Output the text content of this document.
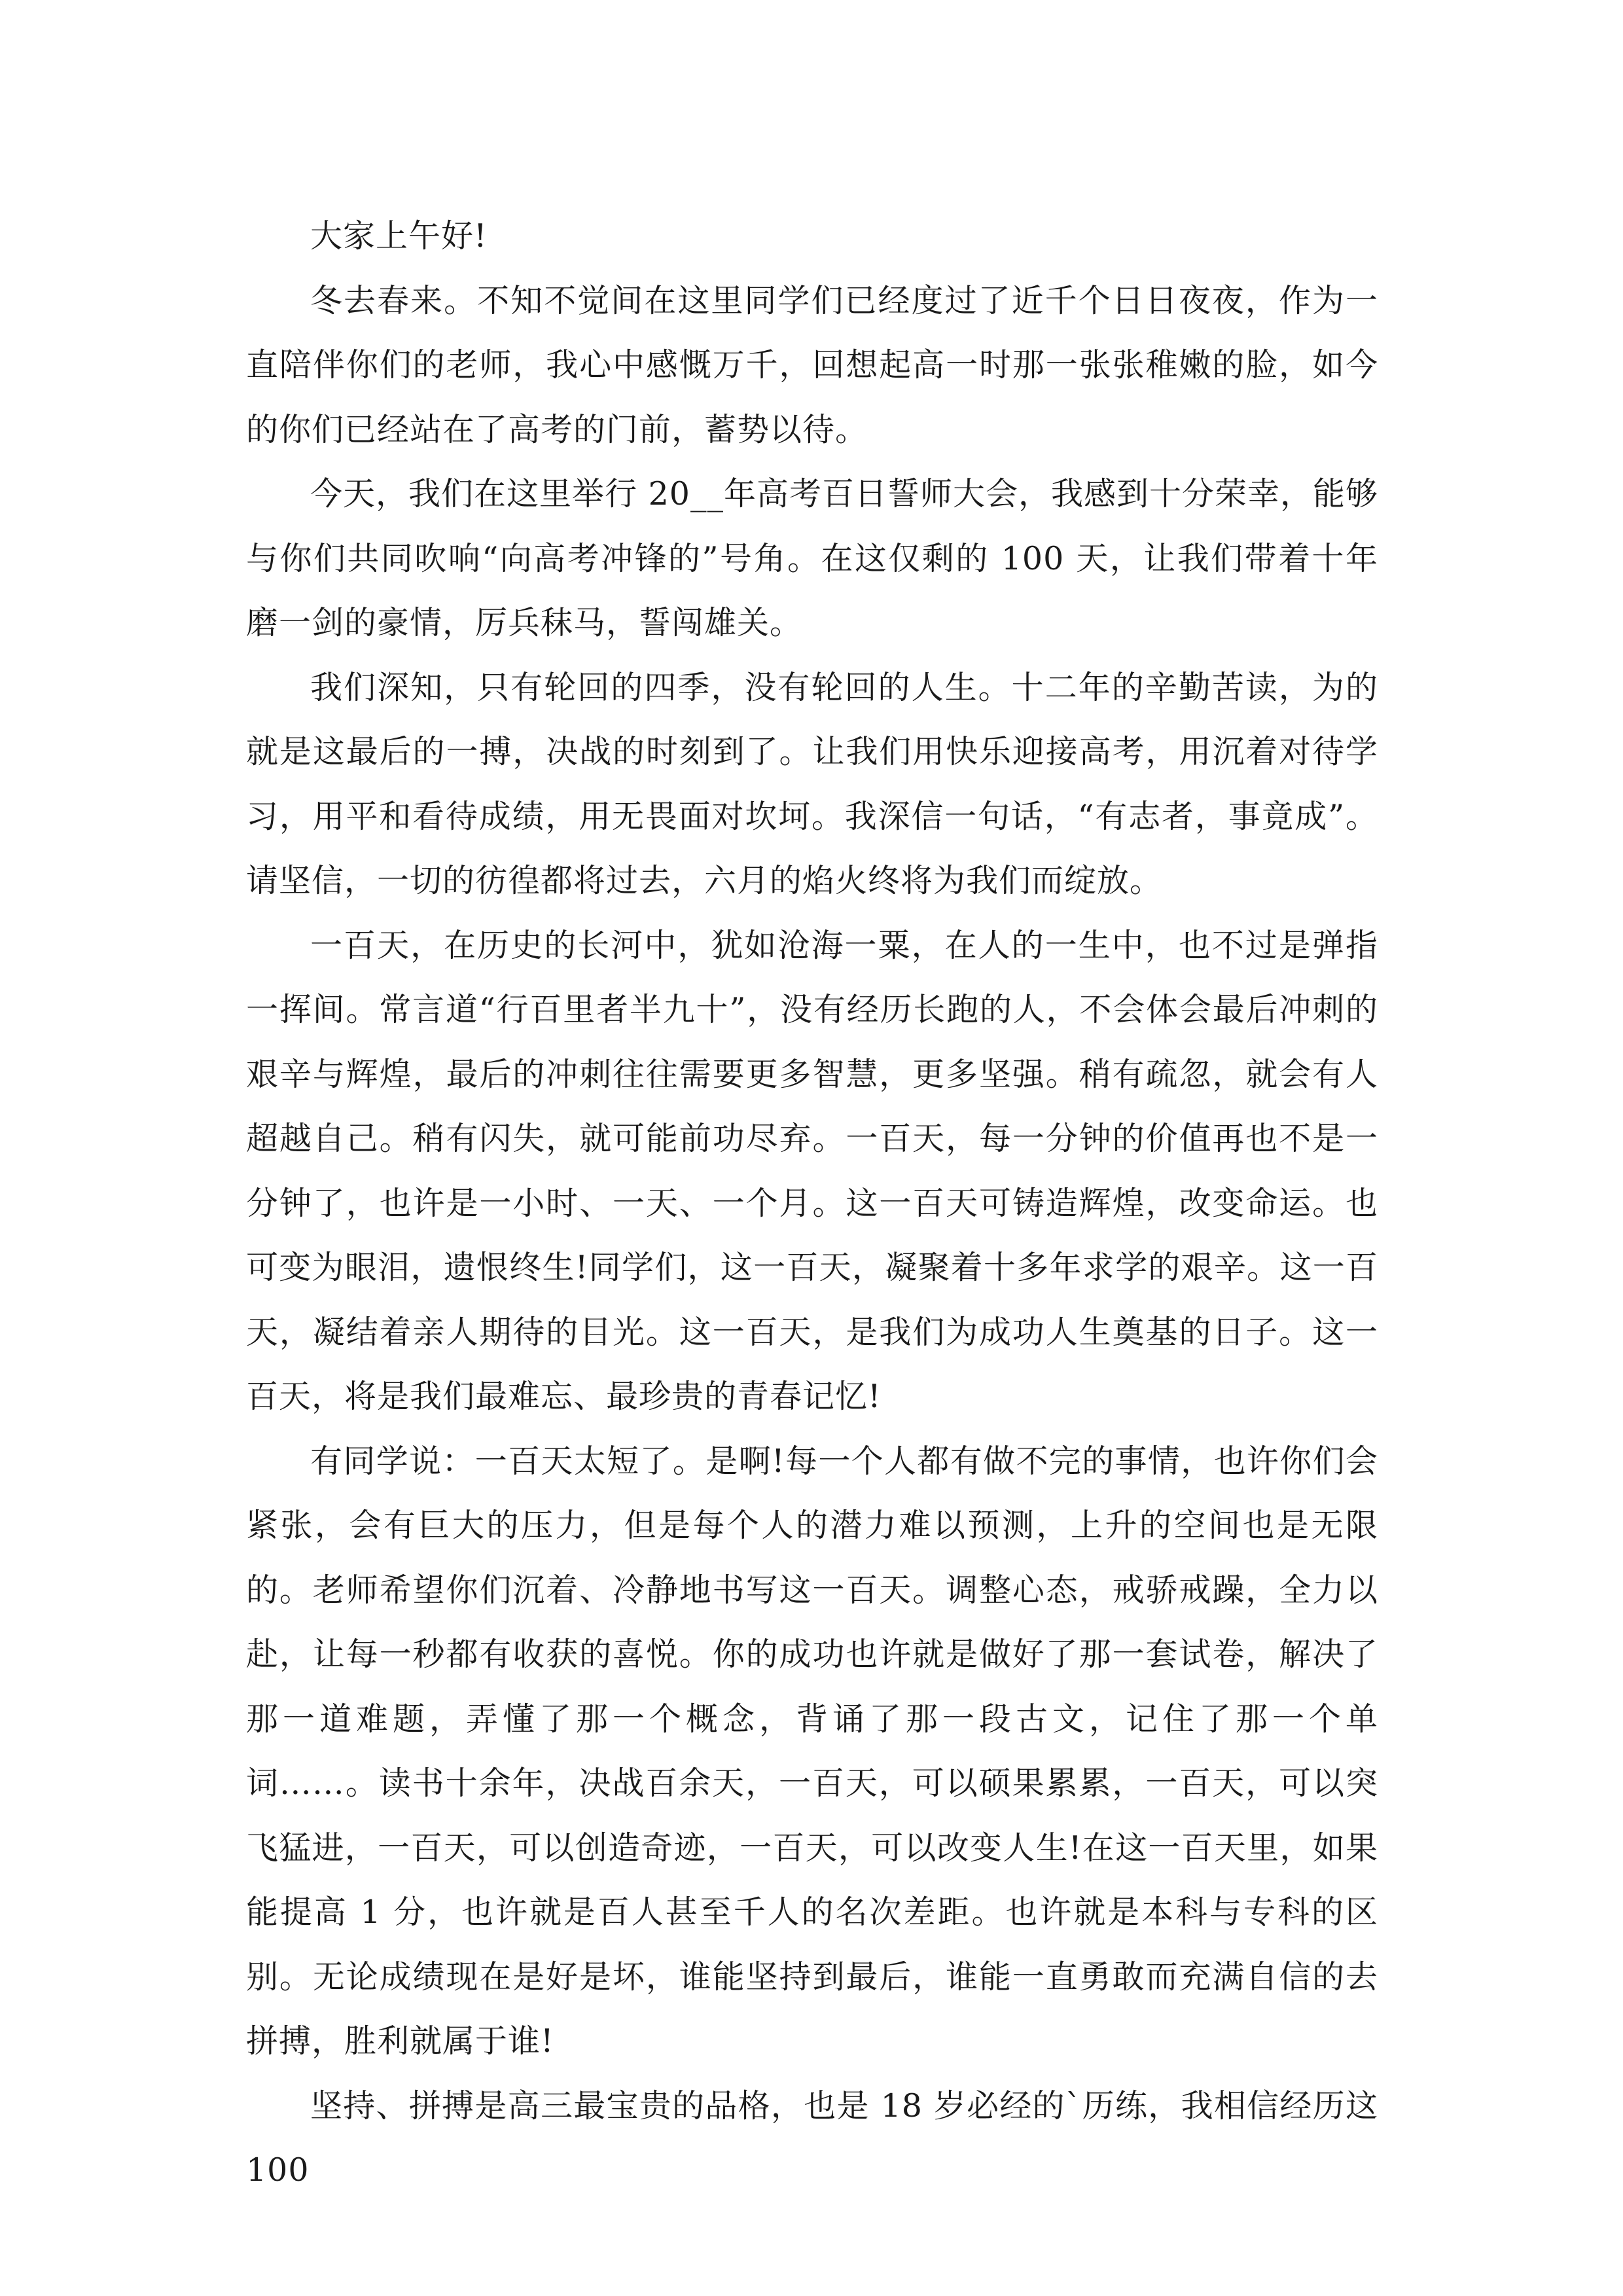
大家上午好!

冬去春来。不知不觉间在这里同学们已经度过了近千个日日夜夜，作为一直陪伴你们的老师，我心中感慨万千，回想起高一时那一张张稚嫩的脸，如今的你们已经站在了高考的门前，蓄势以待。

今天，我们在这里举行 20__年高考百日誓师大会，我感到十分荣幸，能够与你们共同吹响“向高考冲锋的”号角。在这仅剩的 100 天，让我们带着十年磨一剑的豪情，厉兵秣马，誓闯雄关。

我们深知，只有轮回的四季，没有轮回的人生。十二年的辛勤苦读，为的就是这最后的一搏，决战的时刻到了。让我们用快乐迎接高考，用沉着对待学习，用平和看待成绩，用无畏面对坎坷。我深信一句话，“有志者，事竟成”。请坚信，一切的彷徨都将过去，六月的焰火终将为我们而绽放。

一百天，在历史的长河中，犹如沧海一粟，在人的一生中，也不过是弹指一挥间。常言道“行百里者半九十”，没有经历长跑的人，不会体会最后冲刺的艰辛与辉煌，最后的冲刺往往需要更多智慧，更多坚强。稍有疏忽，就会有人超越自己。稍有闪失，就可能前功尽弃。一百天，每一分钟的价值再也不是一分钟了，也许是一小时、一天、一个月。这一百天可铸造辉煌，改变命运。也可变为眼泪，遗恨终生!同学们，这一百天，凝聚着十多年求学的艰辛。这一百天，凝结着亲人期待的目光。这一百天，是我们为成功人生奠基的日子。这一百天，将是我们最难忘、最珍贵的青春记忆!

有同学说：一百天太短了。是啊!每一个人都有做不完的事情，也许你们会紧张，会有巨大的压力，但是每个人的潜力难以预测，上升的空间也是无限的。老师希望你们沉着、冷静地书写这一百天。调整心态，戒骄戒躁，全力以赴，让每一秒都有收获的喜悦。你的成功也许就是做好了那一套试卷，解决了那一道难题，弄懂了那一个概念，背诵了那一段古文，记住了那一个单词……。读书十余年，决战百余天，一百天，可以硕果累累，一百天，可以突飞猛进，一百天，可以创造奇迹，一百天，可以改变人生!在这一百天里，如果能提高 1 分，也许就是百人甚至千人的名次差距。也许就是本科与专科的区别。无论成绩现在是好是坏，谁能坚持到最后，谁能一直勇敢而充满自信的去拼搏，胜利就属于谁!

坚持、拼搏是高三最宝贵的品格，也是 18 岁必经的`历练，我相信经历这 100
